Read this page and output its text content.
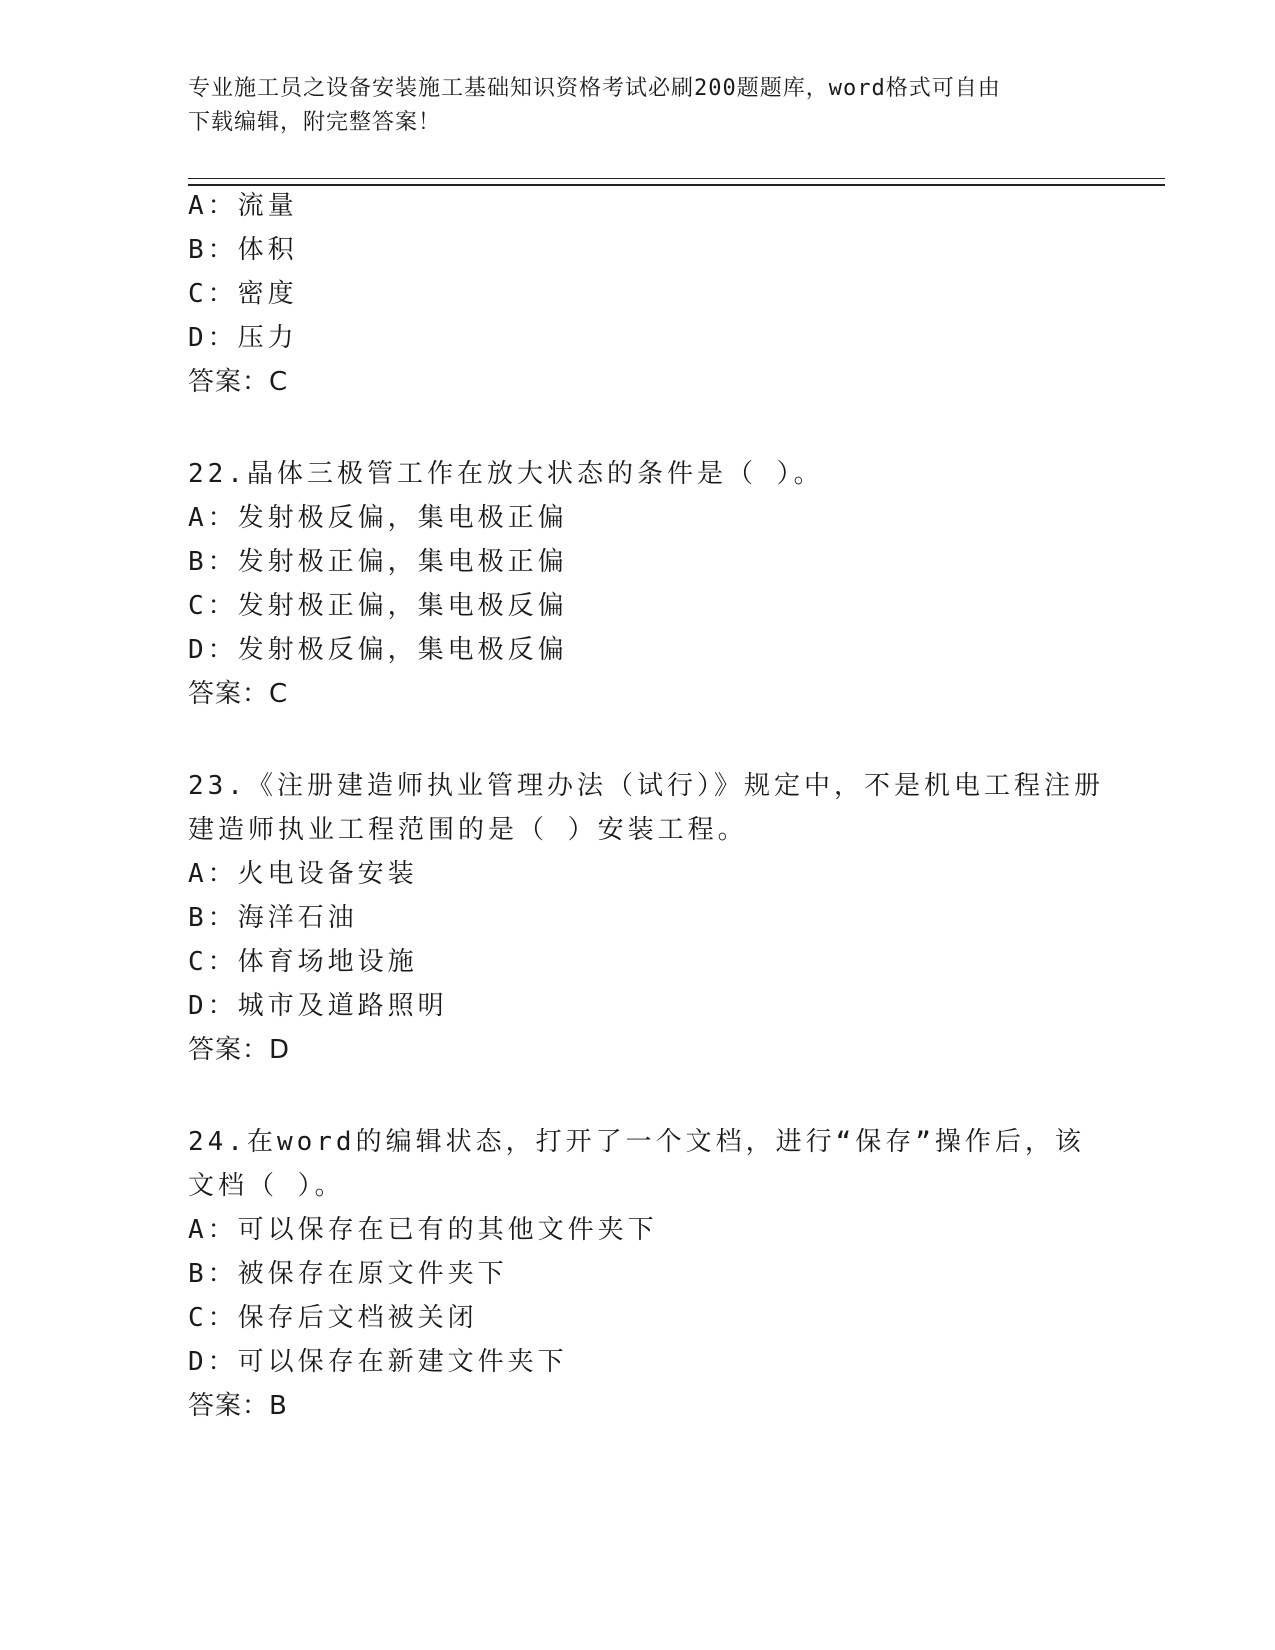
专业施工员之设备安装施工基础知识资格考试必刷200题题库，word格式可自由
下载编辑，附完整答案！
A：流量
B：体积
C：密度
D：压力
答案：C
22.晶体三极管工作在放大状态的条件是（ ）。
A：发射极反偏，集电极正偏
B：发射极正偏，集电极正偏
C：发射极正偏，集电极反偏
D：发射极反偏，集电极反偏
答案：C
23.《注册建造师执业管理办法（试行）》规定中，不是机电工程注册
建造师执业工程范围的是（ ）安装工程。
A：火电设备安装
B：海洋石油
C：体育场地设施
D：城市及道路照明
答案：D
24.在word的编辑状态，打开了一个文档，进行“保存”操作后，该
文档（ ）。
A：可以保存在已有的其他文件夹下
B：被保存在原文件夹下
C：保存后文档被关闭
D：可以保存在新建文件夹下
答案：B
